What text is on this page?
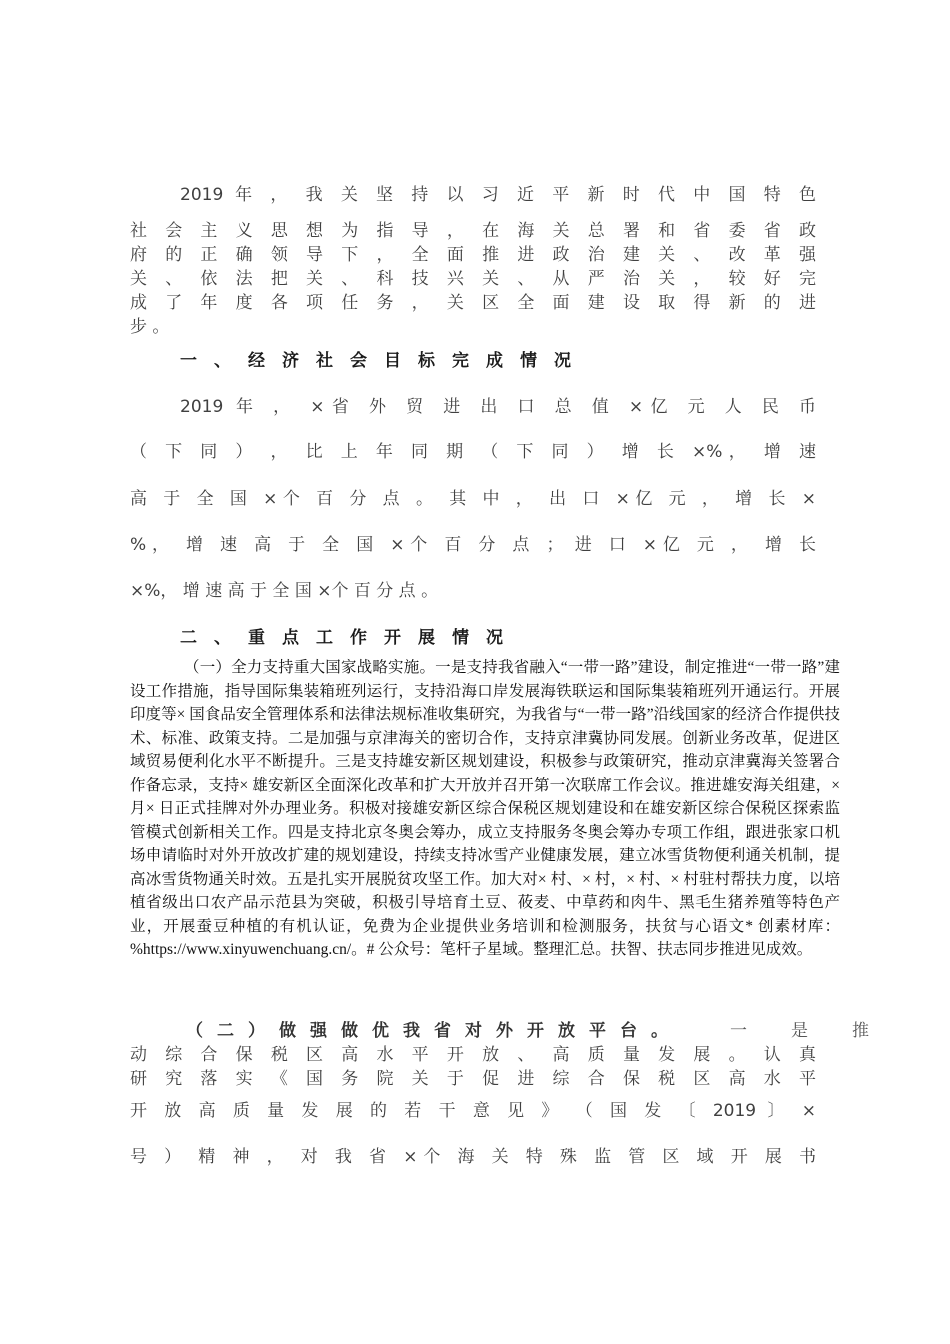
2019 年 ， 我 关 坚 持 以 习 近 平 新 时 代 中 国 特 色
社 会 主 义 思 想 为 指 导 ， 在 海 关 总 署 和 省 委 省 政
府 的 正 确 领 导 下 ， 全 面 推 进 政 治 建 关 、 改 革 强
关 、 依 法 把 关 、 科 技 兴 关 、 从 严 治 关 ， 较 好 完
成 了 年 度 各 项 任 务 ， 关 区 全 面 建 设 取 得 新 的 进
步 。
一、经济社会目标完成情况
2019 年 ， ×省 外 贸 进 出 口 总 值 ×亿 元 人 民 币
（ 下 同 ） ， 比 上 年 同 期 （ 下 同 ） 增 长 ×%， 增 速
高 于 全 国 ×个 百 分 点 。 其 中 ， 出 口 ×亿 元 ， 增 长 ×
%， 增 速 高 于 全 国 ×个 百 分 点 ； 进 口 ×亿 元 ， 增 长
×%， 增 速 高 于 全 国 ×个 百 分 点 。
二、重点工作开展情况

（一）全力支持重大国家战略实施。一是支持我省融入“一带一路”建设，制定推进“一带一路”建设工作措施，指导国际集装箱班列运行，支持沿海口岸发展海铁联运和国际集装箱班列开通运行。开展印度等× 国食品安全管理体系和法律法规标准收集研究，为我省与“一带一路”沿线国家的经济合作提供技术、标准、政策支持。二是加强与京津海关的密切合作，支持京津冀协同发展。创新业务改革，促进区域贸易便利化水平不断提升。三是支持雄安新区规划建设，积极参与政策研究，推动京津冀海关签署合作备忘录，支持× 雄安新区全面深化改革和扩大开放并召开第一次联席工作会议。推进雄安海关组建，× 月× 日正式挂牌对外办理业务。积极对接雄安新区综合保税区规划建设和在雄安新区综合保税区探索监管模式创新相关工作。四是支持北京冬奥会筹办，成立支持服务冬奥会筹办专项工作组，跟进张家口机场申请临时对外开放改扩建的规划建设，持续支持冰雪产业健康发展，建立冰雪货物便利通关机制，提高冰雪货物通关时效。五是扎实开展脱贫攻坚工作。加大对× 村、× 村，× 村、× 村驻村帮扶力度，以培植省级出口农产品示范县为突破，积极引导培育土豆、莜麦、中草药和肉牛、黑毛生猪养殖等特色产业，开展蚕豆种植的有机认证，免费为企业提供业务培训和检测服务，扶贫与心语文* 创素材库：%https://www.xinyuwenchuang.cn/。# 公众号：笔杆子星域。整理汇总。扶智、扶志同步推进见成效。

（二）做强做优我省对外开放平台。	一是推
动 综 合 保 税 区 高 水 平 开 放 、 高 质 量 发 展 。 认 真
研 究 落 实 《 国 务 院 关 于 促 进 综 合 保 税 区 高 水 平
开 放 高 质 量 发 展 的 若 干 意 见 》 （ 国 发 〔 2019 〕 ×
号 ） 精 神 ， 对 我 省 ×个 海 关 特 殊 监 管 区 域 开 展 书
